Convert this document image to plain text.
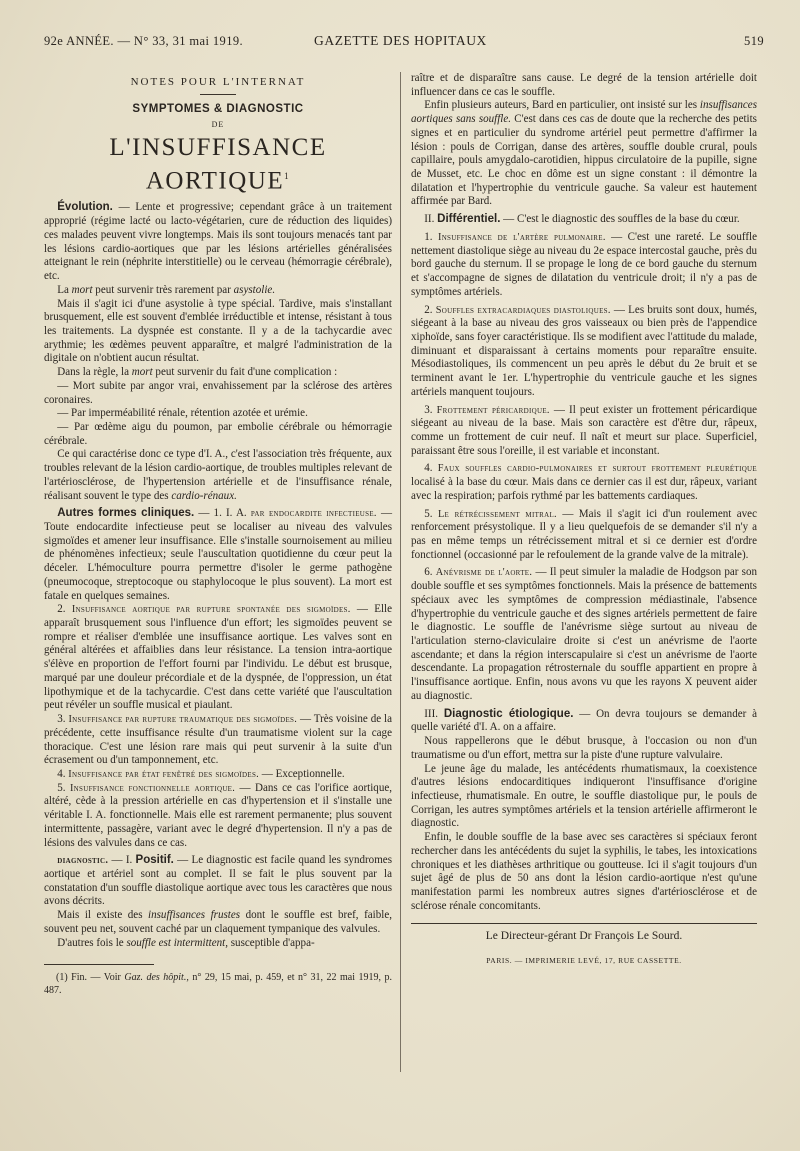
92e ANNÉE. — N° 33, 31 mai 1919.	GAZETTE DES HOPITAUX	519
NOTES POUR L'INTERNAT
SYMPTOMES & DIAGNOSTIC
DE
L'INSUFFISANCE AORTIQUE$^1$

Évolution. — Lente et progressive; cependant grâce à un traitement approprié (régime lacté ou lacto-végétarien, cure de réduction des liquides) ces malades peuvent vivre longtemps. Mais ils sont toujours menacés tant par les lésions cardio-aortiques que par les lésions artérielles généralisées atteignant le rein (néphrite interstitielle) ou le cerveau (hémorragie cérébrale), etc.

La mort peut survenir très rarement par asystolie.

Mais il s'agit ici d'une asystolie à type spécial. Tardive, mais s'installant brusquement, elle est souvent d'emblée irréductible et intense, résistant à tous les traitements. La dyspnée est constante. Il y a de la tachycardie avec arythmie; les œdèmes peuvent apparaître, et malgré l'administration de la digitale on n'obtient aucun résultat.

Dans la règle, la mort peut survenir du fait d'une complication :

— Mort subite par angor vrai, envahissement par la sclérose des artères coronaires.

— Par imperméabilité rénale, rétention azotée et urémie.

— Par œdème aigu du poumon, par embolie cérébrale ou hémorragie cérébrale.

Ce qui caractérise donc ce type d'I. A., c'est l'association très fréquente, aux troubles relevant de la lésion cardio-aortique, de troubles multiples relevant de l'artériosclérose, de l'hypertension artérielle et de l'insuffisance rénale, réalisant souvent le type des cardio-rénaux.

Autres formes cliniques. — 1. I. A. par endocardite infectieuse. — Toute endocardite infectieuse peut se localiser au niveau des valvules sigmoïdes et amener leur insuffisance. Elle s'installe sournoisement au milieu de phénomènes infectieux; seule l'auscultation quotidienne du cœur peut la déceler. L'hémoculture pourra permettre d'isoler le germe pathogène (pneumocoque, streptocoque ou staphylocoque le plus souvent). La mort est fatale en quelques semaines.

2. Insuffisance aortique par rupture spontanée des sigmoïdes. — Elle apparaît brusquement sous l'influence d'un effort; les sigmoïdes peuvent se rompre et réaliser d'emblée une insuffisance aortique. Les valves sont en général altérées et affaiblies dans leur résistance. La tension intra-aortique s'élève en proportion de l'effort fourni par l'individu. Le début est brusque, marqué par une douleur précordiale et de la dyspnée, de l'oppression, un état lipothymique et de la tachycardie. C'est dans cette variété que l'auscultation peut révéler un souffle musical et piaulant.

3. Insuffisance par rupture traumatique des sigmoïdes. — Très voisine de la précédente, cette insuffisance résulte d'un traumatisme violent sur la cage thoracique. C'est une lésion rare mais qui peut survenir à la suite d'un écrasement ou d'un tamponnement, etc.

4. Insuffisance par état fenêtré des sigmoïdes. — Exceptionnelle.

5. Insuffisance fonctionnelle aortique. — Dans ce cas l'orifice aortique, altéré, cède à la pression artérielle en cas d'hypertension et il s'installe une véritable I. A. fonctionnelle. Mais elle est rarement permanente; plus souvent intermittente, passagère, variant avec le degré d'hypertension. Il n'y a pas de lésions des valvules dans ce cas.

diagnostic. — I. Positif. — Le diagnostic est facile quand les syndromes aortique et artériel sont au complet. Il se fait le plus souvent par la constatation d'un souffle diastolique aortique avec tous les caractères que nous avons décrits.

Mais il existe des insuffisances frustes dont le souffle est bref, faible, souvent peu net, souvent caché par un claquement tympanique des valvules.

D'autres fois le souffle est intermittent, susceptible d'appa-

(1) Fin. — Voir Gaz. des hôpit., n° 29, 15 mai, p. 459, et n° 31, 22 mai 1919, p. 487.

raître et de disparaître sans cause. Le degré de la tension artérielle doit influencer dans ce cas le souffle.

Enfin plusieurs auteurs, Bard en particulier, ont insisté sur les insuffisances aortiques sans souffle. C'est dans ces cas de doute que la recherche des petits signes et en particulier du syndrome artériel peut permettre d'affirmer la lésion : pouls de Corrigan, danse des artères, souffle double crural, pouls capillaire, pouls amygdalo-carotidien, hippus circulatoire de la pupille, signe de Musset, etc. Le choc en dôme est un signe constant : il démontre la dilatation et l'hypertrophie du ventricule gauche. Sa valeur est hautement affirmée par Bard.

II. Différentiel. — C'est le diagnostic des souffles de la base du cœur.

1. Insuffisance de l'artère pulmonaire. — C'est une rareté. Le souffle nettement diastolique siège au niveau du 2e espace intercostal gauche, près du bord gauche du sternum. Il se propage le long de ce bord gauche du sternum et s'accompagne de signes de dilatation du ventricule droit; il n'y a pas de symptômes artériels.

2. Souffles extracardiaques diastoliques. — Les bruits sont doux, humés, siégeant à la base au niveau des gros vaisseaux ou bien près de l'appendice xiphoïde, sans foyer caractéristique. Ils se modifient avec l'attitude du malade, diminuant et disparaissant à certains moments pour reparaître ensuite. Mésodiastoliques, ils commencent un peu après le début du 2e bruit et se terminent avant le 1er. L'hypertrophie du ventricule gauche et les signes artériels manquent toujours.

3. Frottement péricardique. — Il peut exister un frottement péricardique siégeant au niveau de la base. Mais son caractère est d'être dur, râpeux, comme un frottement de cuir neuf. Il naît et meurt sur place. Superficiel, paraissant être sous l'oreille, il est variable et inconstant.

4. Faux souffles cardio-pulmonaires et surtout frottement pleurétique localisé à la base du cœur. Mais dans ce dernier cas il est dur, râpeux, variant avec la respiration; parfois rythmé par les battements cardiaques.

5. Le rétrécissement mitral. — Mais il s'agit ici d'un roulement avec renforcement présystolique. Il y a lieu quelquefois de se demander s'il n'y a pas en même temps un rétrécissement mitral et si ce dernier est d'ordre fonctionnel (occasionné par le refoulement de la grande valve de la mitrale).

6. Anévrisme de l'aorte. — Il peut simuler la maladie de Hodgson par son double souffle et ses symptômes fonctionnels. Mais la présence de battements spéciaux avec les symptômes de compression médiastinale, l'absence d'hypertrophie du ventricule gauche et des signes artériels permettent de faire le diagnostic. Le souffle de l'anévrisme siège surtout au niveau de l'articulation sterno-claviculaire droite si c'est un anévrisme de l'aorte ascendante; et dans la région interscapulaire si c'est un anévrisme de l'aorte descendante. La propagation rétrosternale du souffle appartient en propre à l'insuffisance aortique. Enfin, nous avons vu que les rayons X peuvent aider au diagnostic.

III. Diagnostic étiologique. — On devra toujours se demander à quelle variété d'I. A. on a affaire.

Nous rappellerons que le début brusque, à l'occasion ou non d'un traumatisme ou d'un effort, mettra sur la piste d'une rupture valvulaire.

Le jeune âge du malade, les antécédents rhumatismaux, la coexistence d'autres lésions endocarditiques indiqueront l'insuffisance d'origine infectieuse, rhumatismale. En outre, le souffle diastolique pur, le pouls de Corrigan, les autres symptômes artériels et la tension artérielle affirmeront le diagnostic.

Enfin, le double souffle de la base avec ses caractères si spéciaux feront rechercher dans les antécédents du sujet la syphilis, le tabes, les intoxications chroniques et les diathèses arthritique ou goutteuse. Ici il s'agit toujours d'un sujet âgé de plus de 50 ans dont la lésion cardio-aortique n'est qu'une manifestation parmi les nombreux autres signes d'artériosclérose et de sclérose rénale concomitants.

Le Directeur-gérant Dr François Le Sourd.
PARIS. — IMPRIMERIE LEVÉ, 17, RUE CASSETTE.
